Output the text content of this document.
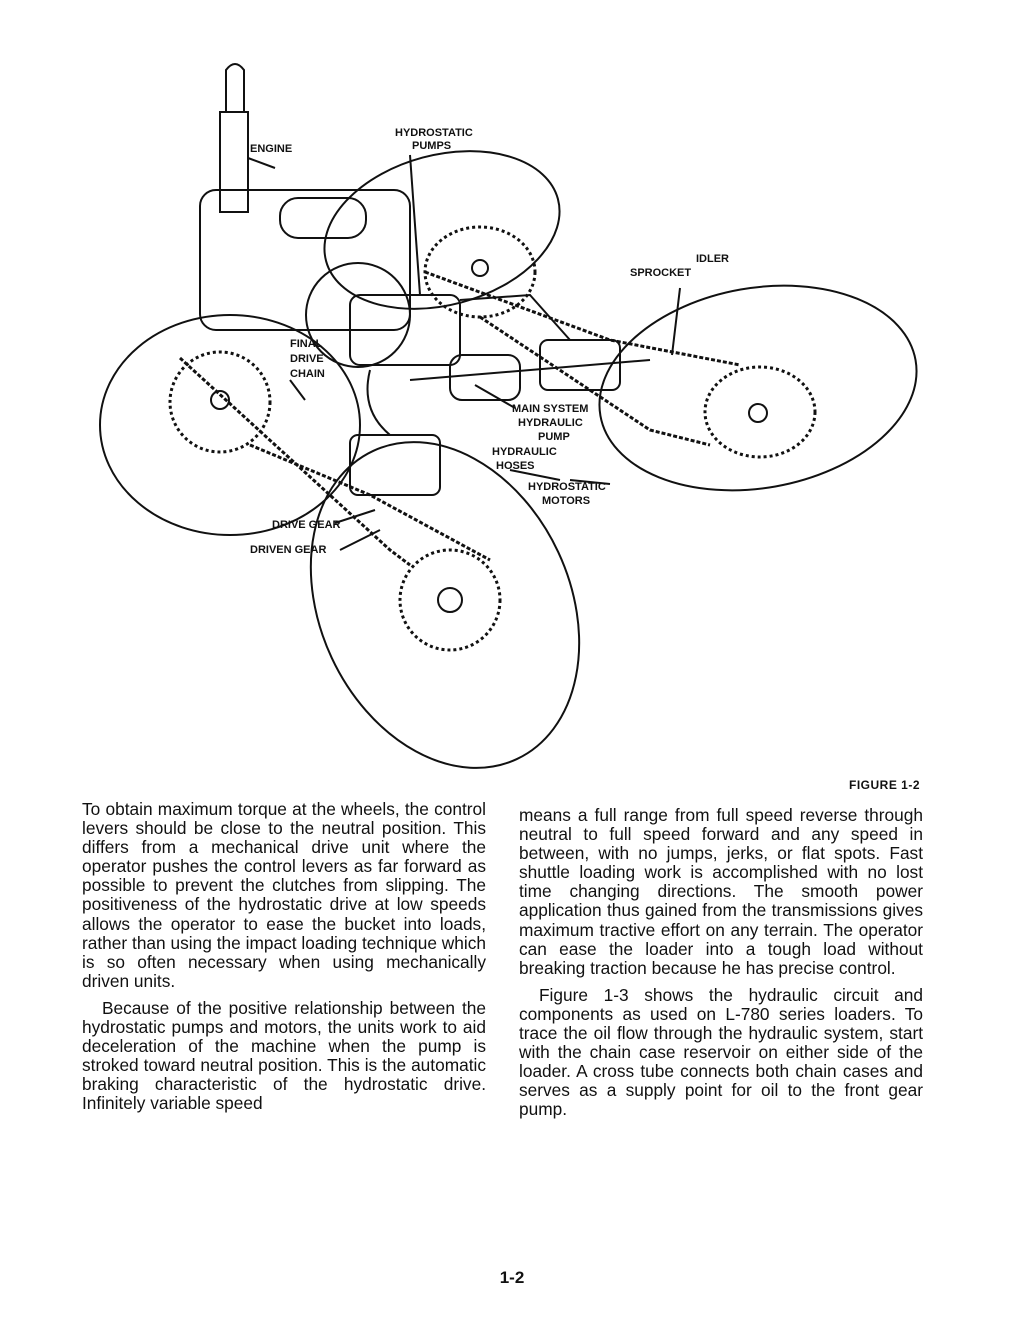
ENGINE
HYDROSTATIC
PUMPS
IDLER
SPROCKET
FINAL
DRIVE
CHAIN
MAIN SYSTEM
HYDRAULIC
PUMP
HYDRAULIC
HOSES
HYDROSTATIC
MOTORS
DRIVE GEAR
DRIVEN GEAR
FIGURE 1-2

To obtain maximum torque at the wheels, the control levers should be close to the neutral position. This differs from a mechanical drive unit where the operator pushes the control levers as far forward as possible to prevent the clutches from slipping. The positiveness of the hydrostatic drive at low speeds allows the operator to ease the bucket into loads, rather than using the impact loading technique which is so often necessary when using mechanically driven units.

Because of the positive relationship between the hydrostatic pumps and motors, the units work to aid deceleration of the machine when the pump is stroked toward neutral position. This is the automatic braking characteristic of the hydrostatic drive. Infinitely variable speed

means a full range from full speed reverse through neutral to full speed forward and any speed in between, with no jumps, jerks, or flat spots. Fast shuttle loading work is accomplished with no lost time changing directions. The smooth power application thus gained from the transmissions gives maximum tractive effort on any terrain. The operator can ease the loader into a tough load without breaking traction because he has precise control.

Figure 1-3 shows the hydraulic circuit and components as used on L-780 series loaders. To trace the oil flow through the hydraulic system, start with the chain case reservoir on either side of the loader. A cross tube connects both chain cases and serves as a supply point for oil to the front gear pump.

1-2
